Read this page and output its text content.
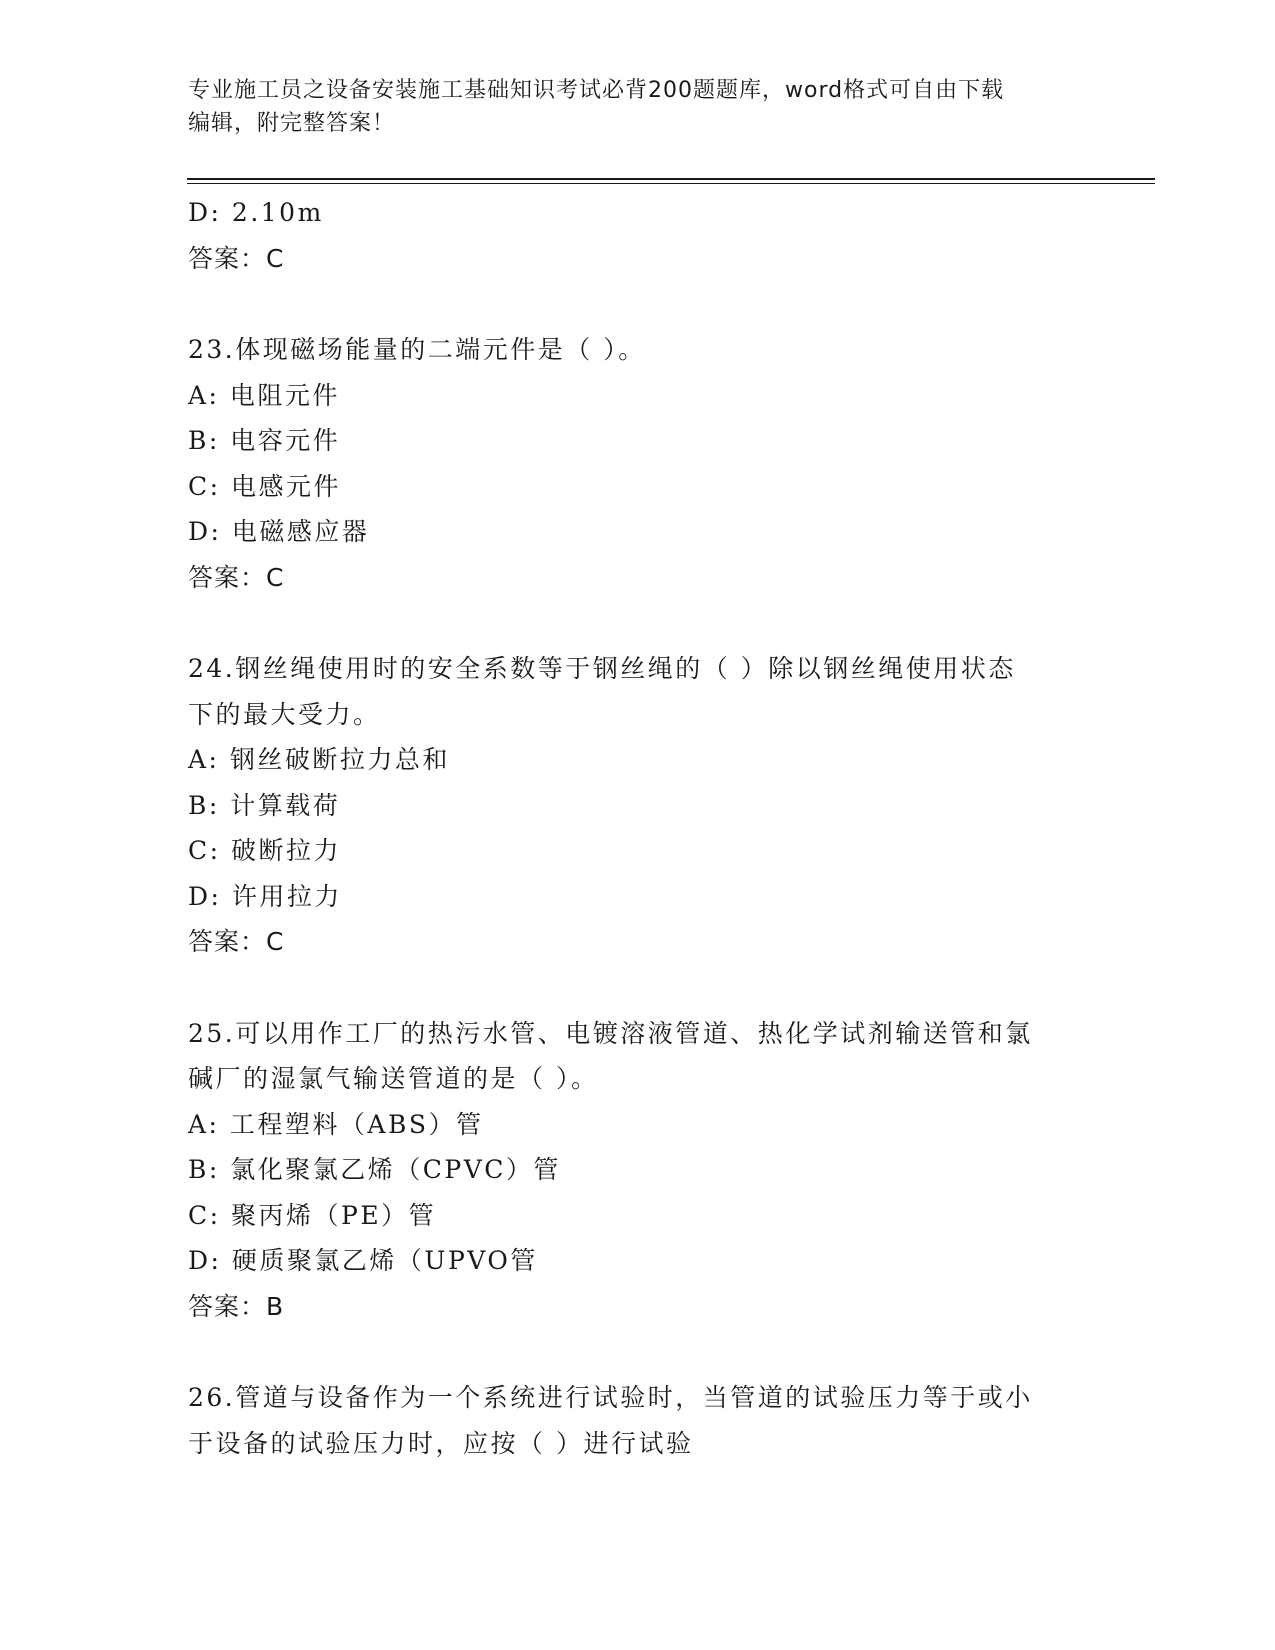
专业施工员之设备安装施工基础知识考试必背200题题库，word格式可自由下载
编辑，附完整答案！
D: 2.10m
答案：C
23.体现磁场能量的二端元件是（ ）。
A: 电阻元件
B: 电容元件
C: 电感元件
D: 电磁感应器
答案：C
24.钢丝绳使用时的安全系数等于钢丝绳的（ ）除以钢丝绳使用状态
下的最大受力。
A: 钢丝破断拉力总和
B: 计算载荷
C: 破断拉力
D: 许用拉力
答案：C
25.可以用作工厂的热污水管、电镀溶液管道、热化学试剂输送管和氯
碱厂的湿氯气输送管道的是（ ）。
A: 工程塑料（ABS）管
B: 氯化聚氯乙烯（CPVC）管
C: 聚丙烯（PE）管
D: 硬质聚氯乙烯（UPVO管
答案：B
26.管道与设备作为一个系统进行试验时，当管道的试验压力等于或小
于设备的试验压力时，应按（ ）进行试验
